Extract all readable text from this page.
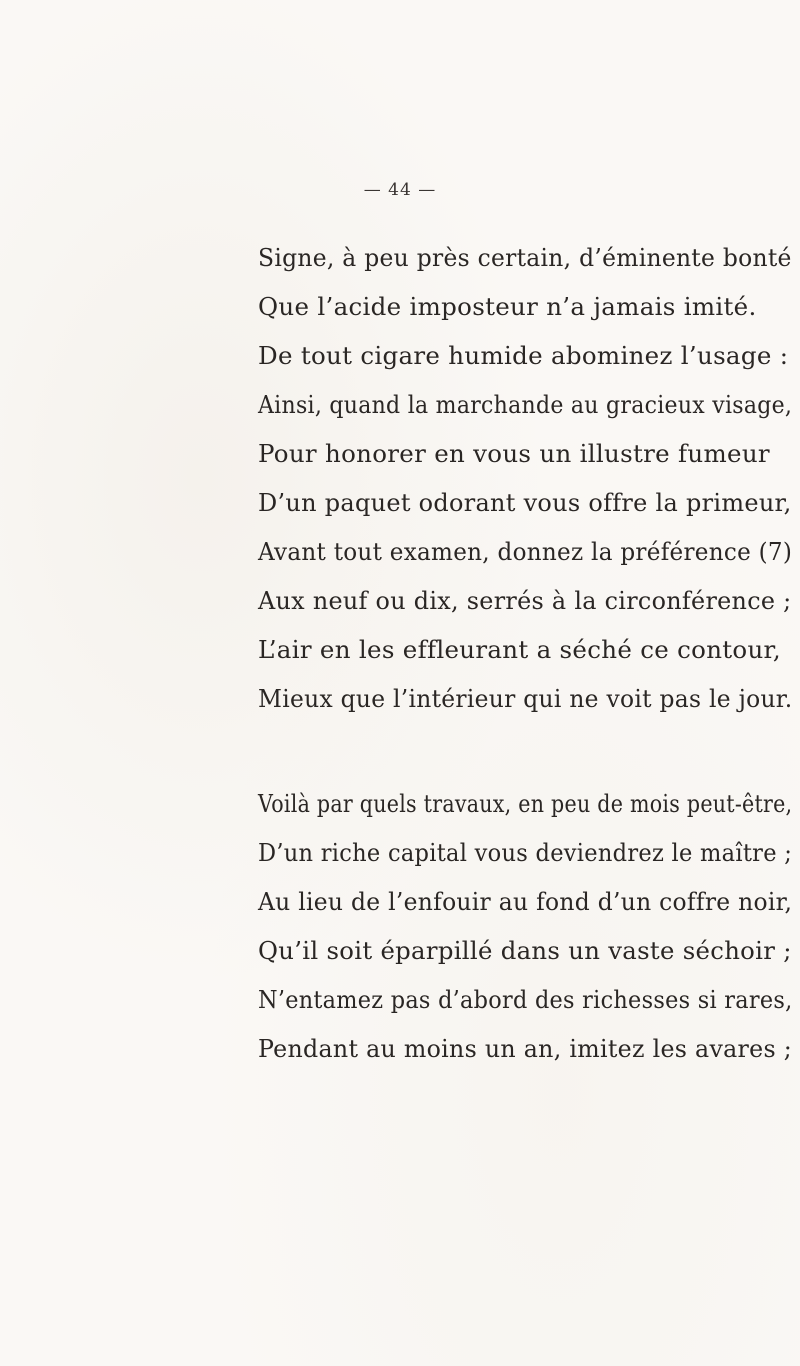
— 44 —
Signe, à peu près certain, d’éminente bonté
Que l’acide imposteur n’a jamais imité.
De tout cigare humide abominez l’usage :
Ainsi, quand la marchande au gracieux visage,
Pour honorer en vous un illustre fumeur
D’un paquet odorant vous offre la primeur,
Avant tout examen, donnez la préférence (7)
Aux neuf ou dix, serrés à la circonférence ;
L’air en les effleurant a séché ce contour,
Mieux que l’intérieur qui ne voit pas le jour.
Voilà par quels travaux, en peu de mois peut-être,
D’un riche capital vous deviendrez le maître ;
Au lieu de l’enfouir au fond d’un coffre noir,
Qu’il soit éparpillé dans un vaste séchoir ;
N’entamez pas d’abord des richesses si rares,
Pendant au moins un an, imitez les avares ;
